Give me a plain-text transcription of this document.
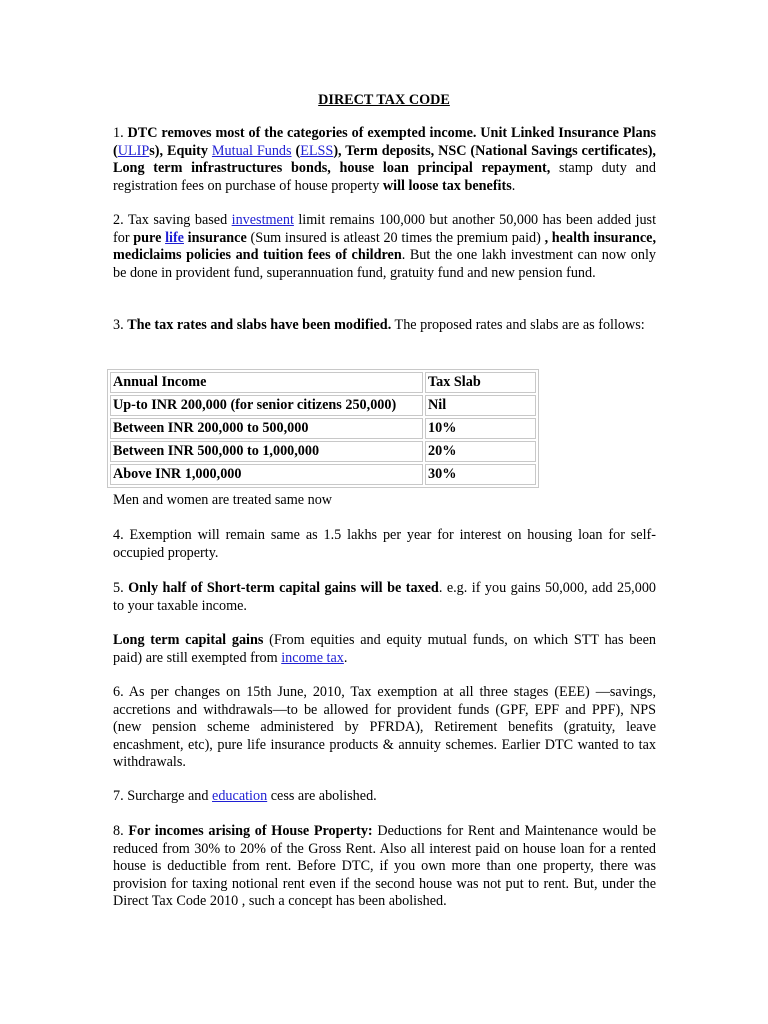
DIRECT TAX CODE
1. DTC removes most of the categories of exempted income. Unit Linked Insurance Plans (ULIPs), Equity Mutual Funds (ELSS), Term deposits, NSC (National Savings certificates), Long term infrastructures bonds, house loan principal repayment, stamp duty and registration fees on purchase of house property will loose tax benefits.
2. Tax saving based investment limit remains 100,000 but another 50,000 has been added just for pure life insurance (Sum insured is atleast 20 times the premium paid) , health insurance, mediclaims policies and tuition fees of children. But the one lakh investment can now only be done in provident fund, superannuation fund, gratuity fund and new pension fund.
3. The tax rates and slabs have been modified. The proposed rates and slabs are as follows:
Annual Income	Tax Slab
Up-to INR 200,000 (for senior citizens 250,000)	Nil
Between INR 200,000 to 500,000	10%
Between INR 500,000 to 1,000,000	20%
Above INR 1,000,000	30%
Men and women are treated same now
4. Exemption will remain same as 1.5 lakhs per year for interest on housing loan for self-occupied property.
5. Only half of Short-term capital gains will be taxed. e.g. if you gains 50,000, add 25,000 to your taxable income.
Long term capital gains (From equities and equity mutual funds, on which STT has been paid) are still exempted from income tax.
6. As per changes on 15th June, 2010, Tax exemption at all three stages (EEE) —savings, accretions and withdrawals—to be allowed for provident funds (GPF, EPF and PPF), NPS (new pension scheme administered by PFRDA), Retirement benefits (gratuity, leave encashment, etc), pure life insurance products & annuity schemes. Earlier DTC wanted to tax withdrawals.
7. Surcharge and education cess are abolished.
8. For incomes arising of House Property: Deductions for Rent and Maintenance would be reduced from 30% to 20% of the Gross Rent. Also all interest paid on house loan for a rented house is deductible from rent. Before DTC, if you own more than one property, there was provision for taxing notional rent even if the second house was not put to rent. But, under the Direct Tax Code 2010 , such a concept has been abolished.
